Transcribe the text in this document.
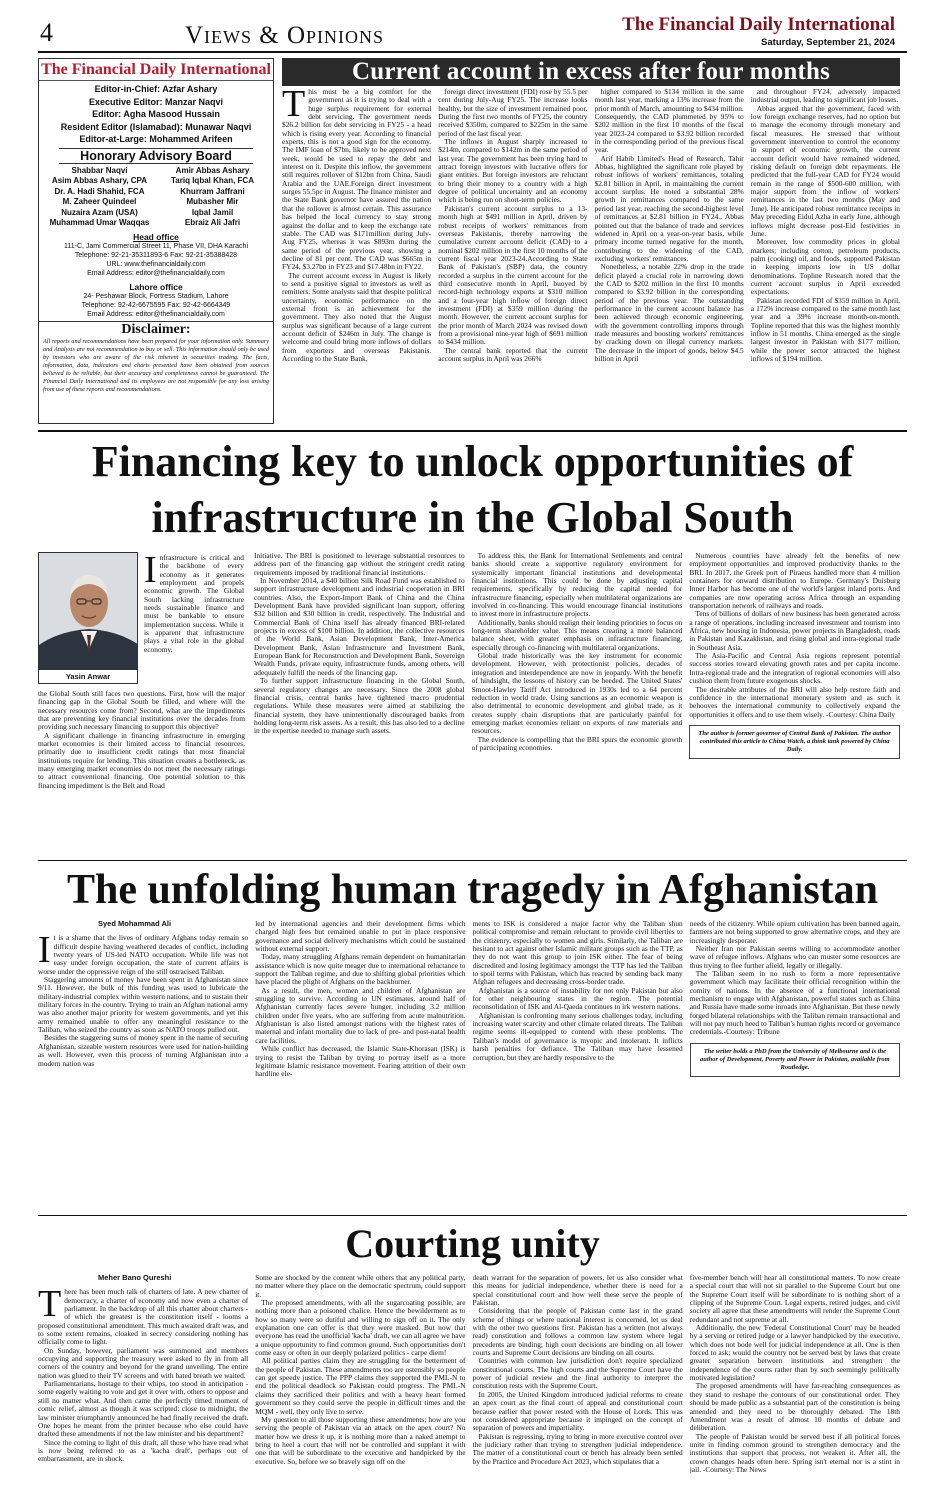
4	Views & Opinions	The Financial Daily International
Saturday, September 21, 2024
The Financial Daily International
Editor-in-Chief: Azfar Ashary
Executive Editor: Manzar Naqvi
Editor: Agha Masood Hussain
Resident Editor (Islamabad): Munawar Naqvi
Editor-at-Large: Mohammed Arifeen
Honorary Advisory Board
Shabbar Naqvi
Asim Abbas Ashary, CPA
Dr. A. Hadi Shahid, FCA
M. Zaheer Quindeel
Nuzaira Azam (USA)
Muhammad Umar Waqqas
Amir Abbas Ashary
Tariq Iqbal Khan, FCA
Khurram Jaffrani
Mubasher Mir
Iqbal Jamil
Ebraiz Ali Jafri
Head office
111-C, Jami Commercial Street 11, Phase VII, DHA Karachi
Telephone: 92-21-35311893-6 Fax: 92-21-35388428
URL: www.thefinancialdaily.com
Email Address: editor@thefinancialdaily.com
Lahore office
24- Peshawar Block, Fortress Stadium, Lahore
Telephone: 92-42-6675595 Fax: 92-42-6664349
Email Address: editor@thefinancialdaily.com
Disclaimer:
All reports and recommendations have been prepared for your information only. Summary and Analysis are not recommendation to buy or sell. This information should only be used by investors who are aware of the risk inherent in securities trading. The facts, information, data, indicators and charts presented have been obtained from sources believed to be reliable, but their accuracy and completeness cannot be guaranteed. The Financial Daily International and its employees are not responsible for any loss arising from use of these reports and recommendations.
Current account in excess after four months

This must be a big comfort for the government as it is trying to deal with a huge surplus requirement for external debt servicing. The government needs $26.2 billion for debt servicing in FY25 - a head which is rising every year. According to financial experts, this is not a good sign for the economy. The IMF loan of $7bn, likely to be approved next week, would be used to repay the debt and interest on it. Despite this inflow, the government still requires rollover of $12bn from China, Saudi Arabia and the UAE.Foreign direct investment surges 55.5pc in August. The finance minister and the State Bank governor have assured the nation that the rollover is almost certain. This assurance has helped the local currency to stay strong against the dollar and to keep the exchange rate stable. The CAD was $171million during July-Aug FY25, whereas it was $893m during the same period of the previous year, showing a decline of 81 per cent. The CAD was $665m in FY24, $3.27bn in FY23 and $17.48bn in FY22.

The current account excess in August is likely to send a positive signal to investors as well as remitters. Some analysts said that despite political uncertainty, economic performance on the external front is an achievement for the government. They also noted that the August surplus was significant because of a large current account deficit of $246m in July. The change is welcome and could bring more inflows of dollars from exporters and overseas Pakistanis. According to the State Bank,

foreign direct investment (FDI) rose by 55.5 per cent during July-Aug FY25. The increase looks healthy, but the size of investment remained poor. During the first two months of FY25, the country received $350m, compared to $225m in the same period of the last fiscal year.

The inflows in August sharply increased to $214m, compared to $142m in the same period of last year. The government has been trying hard to attract foreign investors with lucrative offers for giant entities. But foreign investors are reluctant to bring their money to a country with a high degree of political uncertainty and an economy which is being run on short-term policies.

Pakistan's current account surplus to a 13-month high at $491 million in April, driven by robust receipts of workers' remittances from overseas Pakistanis, thereby narrowing the cumulative current account deficit (CAD) to a nominal $202 million in the first 10 months of the current fiscal year 2023-24.According to State Bank of Pakistan's (SBP) data, the country recorded a surplus in the current account for the third consecutive month in April, buoyed by record-high technology exports at $310 million and a four-year high inflow of foreign direct investment (FDI) at $359 million during the month. However, the current account surplus for the prior month of March 2024 was revised down from a provisional nine-year high of $691 million to $434 million.

The central bank reported that the current account surplus in April was 266%

higher compared to $134 million in the same month last year, marking a 13% increase from the prior month of March, amounting to $434 million. Consequently, the CAD plummeted by 95% to $202 million in the first 10 months of the fiscal year 2023-24 compared to $3.92 billion recorded in the corresponding period of the previous fiscal year.

Arif Habib Limited's Head of Research, Tahir Abbas, highlighted the significant role played by robust inflows of workers' remittances, totaling $2.81 billion in April, in maintaining the current account surplus. He noted a substantial 28% growth in remittances compared to the same period last year, reaching the second-highest level of remittances at $2.81 billion in FY24., Abbas pointed out that the balance of trade and services widened in April on a year-on-year basis, while primary income turned negative for the month, contributing to the widening of the CAD, excluding workers' remittances.

Nonetheless, a notable 22% drop in the trade deficit played a crucial role in narrowing down the CAD to $202 million in the first 10 months compared to $3.92 billion in the corresponding period of the previous year. The outstanding performance in the current account balance has been achieved through economic engineering, with the government controlling imports through trade measures and boosting workers' remittances by cracking down on illegal currency markets. The decrease in the import of goods, below $4.5 billion in April

and throughout FY24, adversely impacted industrial output, leading to significant job losses.

Abbas argued that the government, faced with low foreign exchange reserves, had no option but to manage the economy through monetary and fiscal measures. He stressed that without government intervention to control the economy in support of economic growth, the current account deficit would have remained widened, risking default on foreign debt repayments. He predicted that the full-year CAD for FY24 would remain in the range of $500-600 million, with major support from the inflow of workers' remittances in the last two months (May and June). He anticipated robust remittance receipts in May preceding Eidul Azha in early June, although inflows might decrease post-Eid festivities in June.

Moreover, low commodity prices in global markets; including cotton, petroleum products, palm (cooking) oil, and foods, supported Pakistan in keeping imports low in US dollar denominations. Topline Research noted that the current account surplus in April exceeded expectations.

Pakistan recorded FDI of $359 million in April, a 172% increase compared to the same month last year and a 39% increase month-on-month. Topline reported that this was the highest monthly inflow in 51 months. China emerged as the single largest investor in Pakistan with $177 million, while the power sector attracted the highest inflows of $194 million.

Financing key to unlock opportunities of infrastructure in the Global South
Yasin Anwar

Infrastructure is critical and the backbone of every economy as it generates employment and propels economic growth. The Global South lacking infrastructure needs sustainable finance and must be bankable to ensure implementation success. While it is apparent that infrastructure plays a vital role in the global economy,

the Global South still faces two questions. First, how will the major financing gap in the Global South be filled, and where will the necessary resources come from? Second, what are the impediments that are preventing key financial institutions over the decades from providing such necessary financing to support this objective?

A significant challenge in financing infrastructure in emerging market economies is their limited access to financial resources, primarily due to insufficient credit ratings that most financial institutions require for lending. This situation creates a bottleneck, as many emerging market economies do not meet the necessary ratings to attract conventional financing. One potential solution to this financing impediment is the Belt and Road

Initiative. The BRI is positioned to leverage substantial resources to address part of the financing gap without the stringent credit rating requirements imposed by traditional financial institutions.

In November 2014, a $40 billion Silk Road Fund was established to support infrastructure development and industrial cooperation in BRI countries. Also, the Export-Import Bank of China and the China Development Bank have provided significant loan support, offering $32 billion and $30 billion in credit, respectively. The Industrial and Commercial Bank of China itself has already financed BRI-related projects in excess of $100 billion. In addition, the collective resources of the World Bank, Asian Development Bank, Inter-America Development Bank, Asian Infrastructure and Investment Bank, European Bank for Reconstruction and Development Bank, Sovereign Wealth Funds, private equity, infrastructure funds, among others, will adequately fulfill the needs of the financing gap.

To further support infrastructure financing in the Global South, several regulatory changes are necessary. Since the 2008 global financial crisis, central banks have tightened macro prudential regulations. While these measures were aimed at stabilizing the financial system, they have unintentionally discouraged banks from holding long-term risk assets. As a result, this has also led to a decline in the expertise needed to manage such assets.

To address this, the Bank for International Settlements and central banks should create a supportive regulatory environment for systemically important financial institutions and developmental financial institutions. This could be done by adjusting capital requirements, specifically by reducing the capital needed for infrastructure financing, especially when multilateral organizations are involved in co-financing. This would encourage financial institutions to invest more in infrastructure projects.

Additionally, banks should realign their lending priorities to focus on long-term shareholder value. This means creating a more balanced balance sheet, with greater emphasis on infrastructure financing, especially through co-financing with multilateral organizations.

Global trade historically was the key instrument for economic development. However, with protectionist policies, decades of integration and interdependence are now in jeopardy. With the benefit of hindsight, the lessons of history can be heeded. The United States' Smoot-Hawley Tariff Act introduced in 1930s led to a 64 percent reduction in world trade. Using sanctions as an economic weapon is also detrimental to economic development and global trade, as it creates supply chain disruptions that are particularly painful for emerging market economies reliant on exports of raw materials and resources.

The evidence is compelling that the BRI spurs the economic growth of participating economies.

Numerous countries have already felt the benefits of new employment opportunities and improved productivity thanks to the BRI. In 2017, the Greek port of Piraeus handled more than 4 million containers for onward distribution to Europe. Germany's Duisburg Inner Harbor has become one of the world's largest inland ports. And companies are now operating across Africa through an expanding transportation network of railways and roads.

Tens of billions of dollars of new business has been generated across a range of operations, including increased investment and tourism into Africa, new housing in Indonesia, power projects in Bangladesh, roads in Pakistan and Kazakhstan, and rising global and intra-regional trade in Southeast Asia.

The Asia-Pacific and Central Asia regions represent potential success stories toward elevating growth rates and per capita income. Intra-regional trade and the integration of regional economies will also cushion them from future exogenous shocks.

The desirable attributes of the BRI will also help restore faith and confidence in the international monetary system and as such it behooves the international community to collectively expand the opportunities it offers and to use them wisely. -Courtesy: China Daily

The author is former governor of Central Bank of Pakistan. The author contributed this article to China Watch, a think tank powered by China Daily.
The unfolding human tragedy in Afghanistan
Syed Mohammad Ali

It is a shame that the lives of ordinary Afghans today remain so difficult despite having weathered decades of conflict, including twenty years of US-led NATO occupation. While life was not easy under foreign occupation, the state of current affairs is worse under the oppressive reign of the still ostracised Taliban.

Staggering amounts of money have been spent in Afghanistan since 9/11. However, the bulk of this funding was used to lubricate the military-industrial complex within western nations, and to sustain their military forces in the country. Trying to train an Afghan national army was also another major priority for western governments, and yet this army remained unable to offer any meaningful resistance to the Taliban, who seized the country as soon as NATO troops pulled out.

Besides the staggering sums of money spent in the name of securing Afghanistan, sizeable western resources were used for nation-building as well. However, even this process of turning Afghanistan into a modern nation was

led by international agencies and their development firms which charged high fees but remained unable to put in place responsive governance and social delivery mechanisms which could be sustained without external support.

Today, many struggling Afghans remain dependent on humanitarian assistance which is now quite meager due to international reluctance to support the Taliban regime, and due to shifting global priorities which have placed the plight of Afghans on the backburner.

As a result, the men, women and children of Afghanistan are struggling to survive. According to UN estimates, around half of Afghanistan currently faces severe hunger, including 3.2 million children under five years, who are suffering from acute malnutrition. Afghanistan is also listed amongst nations with the highest rates of maternal and infant mortality due to lack of pre- and post-natal health care facilities.

While conflict has decreased, the Islamic State-Khorasan (ISK) is trying to resist the Taliban by trying to portray itself as a more legitimate Islamic resistance movement. Fearing attrition of their own hardline ele-

ments to ISK is considered a major factor why the Taliban shun political compromise and remain reluctant to provide civil liberties to the citizenry, especially to women and girls. Similarly, the Taliban are hesitant to act against other Islamic militant groups such as the TTP, as they do not want this group to join ISK either. The fear of being discredited and losing legitimacy amongst the TTP has led the Taliban to spoil terms with Pakistan, which has reacted by sending back many Afghan refugees and decreasing cross-border trade.

Afghanistan is a source of instability for not only Pakistan but also for other neighbouring states in the region. The potential reconsolidation of ISK and Al-Qaeda continues to irk western nations.

Afghanistan is confronting many serious challenges today, including increasing water scarcity and other climate related threats. The Taliban regime seems ill-equipped to contend with these problems. The Taliban's model of governance is myopic and intolerant. It inflicts harsh penalties for defiance. The Taliban may have lessened corruption, but they are hardly responsive to the

needs of the citizenry. While opium cultivation has been banned again, farmers are not being supported to grow alternative crops, and they are increasingly desperate.

Neither Iran nor Pakistan seems willing to accommodate another wave of refugee inflows. Afghans who can muster some resources are thus trying to flee further afield, legally or illegally.

The Taliban seem in no rush to form a more representative government which may facilitate their official recognition within the comity of nations. In the absence of a functional international mechanism to engage with Afghanistan, powerful states such as China and Russia have made some inroads into Afghanistan. But these newly forged bilateral relationships with the Taliban remain transactional and will not pay much heed to Taliban's human rights record or governance credentials.-Courtesy: Tribune

The writer holds a PhD from the University of Melbourne and is the author of Development, Poverty and Power in Pakistan, available from Routledge.
Courting unity
Meher Bano Qureshi

There has been much talk of charters of late. A new charter of democracy, a charter of economy and now even a charter of parliament. In the backdrop of all this chatter about charters - of which the greatest is the constitution itself - looms a proposed constitutional amendment. This much awaited draft was, and to some extent remains, cloaked in secrecy considering nothing has officially come to light.

On Sunday, however, parliament was summoned and members occupying and supporting the treasury were asked to fly in from all corners of the country and beyond for the grand unveiling. The entire nation was glued to their TV screens and with bated breath we waited.

Parliamentarians, hostage to their whips, too stood in anticipation - some eagerly waiting to vote and get it over with, others to oppose and still no matter what. And then came the perfectly timed moment of comic relief, almost as though it was scripted: close to midnight, the law minister triumphantly announced he had finally received the draft. One hopes he meant from the printer because who else could have drafted these amendments if not the law minister and his department?

Since the coming to light of this draft, all those who have read what is now being referred to as a 'kacha draft', perhaps out of embarrassment, are in shock.

Some are shocked by the content while others that any political party, no matter where they place on the democratic spectrum, could support it.

The proposed amendments, with all the sugarcoating possible, are nothing more than a poisoned chalice. Hence the bewilderment as to how so many were so dutiful and willing to sign off on it. The only explanation one can offer is that they were masked. But now that everyone has read the unofficial 'kacha' draft, we can all agree we have a unique opportunity to find common ground. Such opportunities don't come easy or often in our deeply polarized politics - carpe diem!

All political parties claim they are struggling for the betterment of the people of Pakistan. These amendments too are ostensibly so people can get speedy justice. The PPP claims they supported the PML-N to end the political deadlock so Pakistan could progress. The PML-N claims they sacrificed their politics and with a heavy heart formed government so they could serve the people in difficult times and the MQM - well, they only live to serve.

My question to all those supporting these amendments; how are you serving the people of Pakistan via an attack on the apex court? No matter how we dress it up, it is nothing more than a naked attempt to bring to heel a court that will not be controlled and supplant it with one that will be subordinate to the executive and handpicked by the executive. So, before we so bravely sign off on the

death warrant for the separation of powers, let us also consider what this means for judicial independence, whether there is need for a special constitutional court and how well these serve the people of Pakistan.

Considering that the people of Pakistan come last in the grand scheme of things or where national interest is concerned, let us deal with the other two questions first. Pakistan has a written (not always read) constitution and follows a common law system where legal precedents are binding; high court decisions are binding on all lower courts and Supreme Court decisions are binding on all courts.

Countries with common law jurisdiction don't require specialized constitutional courts. The high courts and the Supreme Court have the power of judicial review and the final authority to interpret the constitution rests with the Supreme Court.

In 2005, the United Kingdom introduced judicial reforms to create an apex court as the final court of appeal and constitutional court because earlier that power rested with the House of Lords. This was not considered appropriate because it impinged on the concept of separation of powers and impartiality.

Pakistan is regressing, trying to bring in more executive control over the judiciary rather than trying to strengthen judicial independence. The matter of a constitutional court or bench has already been settled by the Practice and Procedure Act 2023, which stipulates that a

five-member bench will hear all constitutional matters. To now create a special court that will not sit parallel to the Supreme Court but one the Supreme Court itself will be subordinate to is nothing short of a clipping of the Supreme Court. Legal experts, retired judges, and civil society all agree that these amendments will render the Supreme Court redundant and not supreme at all.

Additionally, the new 'Federal Constitutional Court' may be headed by a serving or retired judge or a lawyer handpicked by the executive, which does not bode well for judicial independence at all. One is then forced to ask; would the country not be served best by laws that create greater separation between institutions and strengthen the independence of the courts rather than by such seemingly politically motivated legislation?

The proposed amendments will have far-reaching consequences as they stand to reshape the contours of our constitutional order. They should be made public as a substantial part of the constitution is being amended and they need to be thoroughly debated. The 18th Amendment was a result of almost 10 months of debate and deliberation.

The people of Pakistan would be served best if all political forces unite in finding common ground to strengthen democracy and the institutions that support that process, not weaken it. After all, the crown changes heads often here. Spring isn't eternal nor is a stint in jail. -Courtesy: The News
